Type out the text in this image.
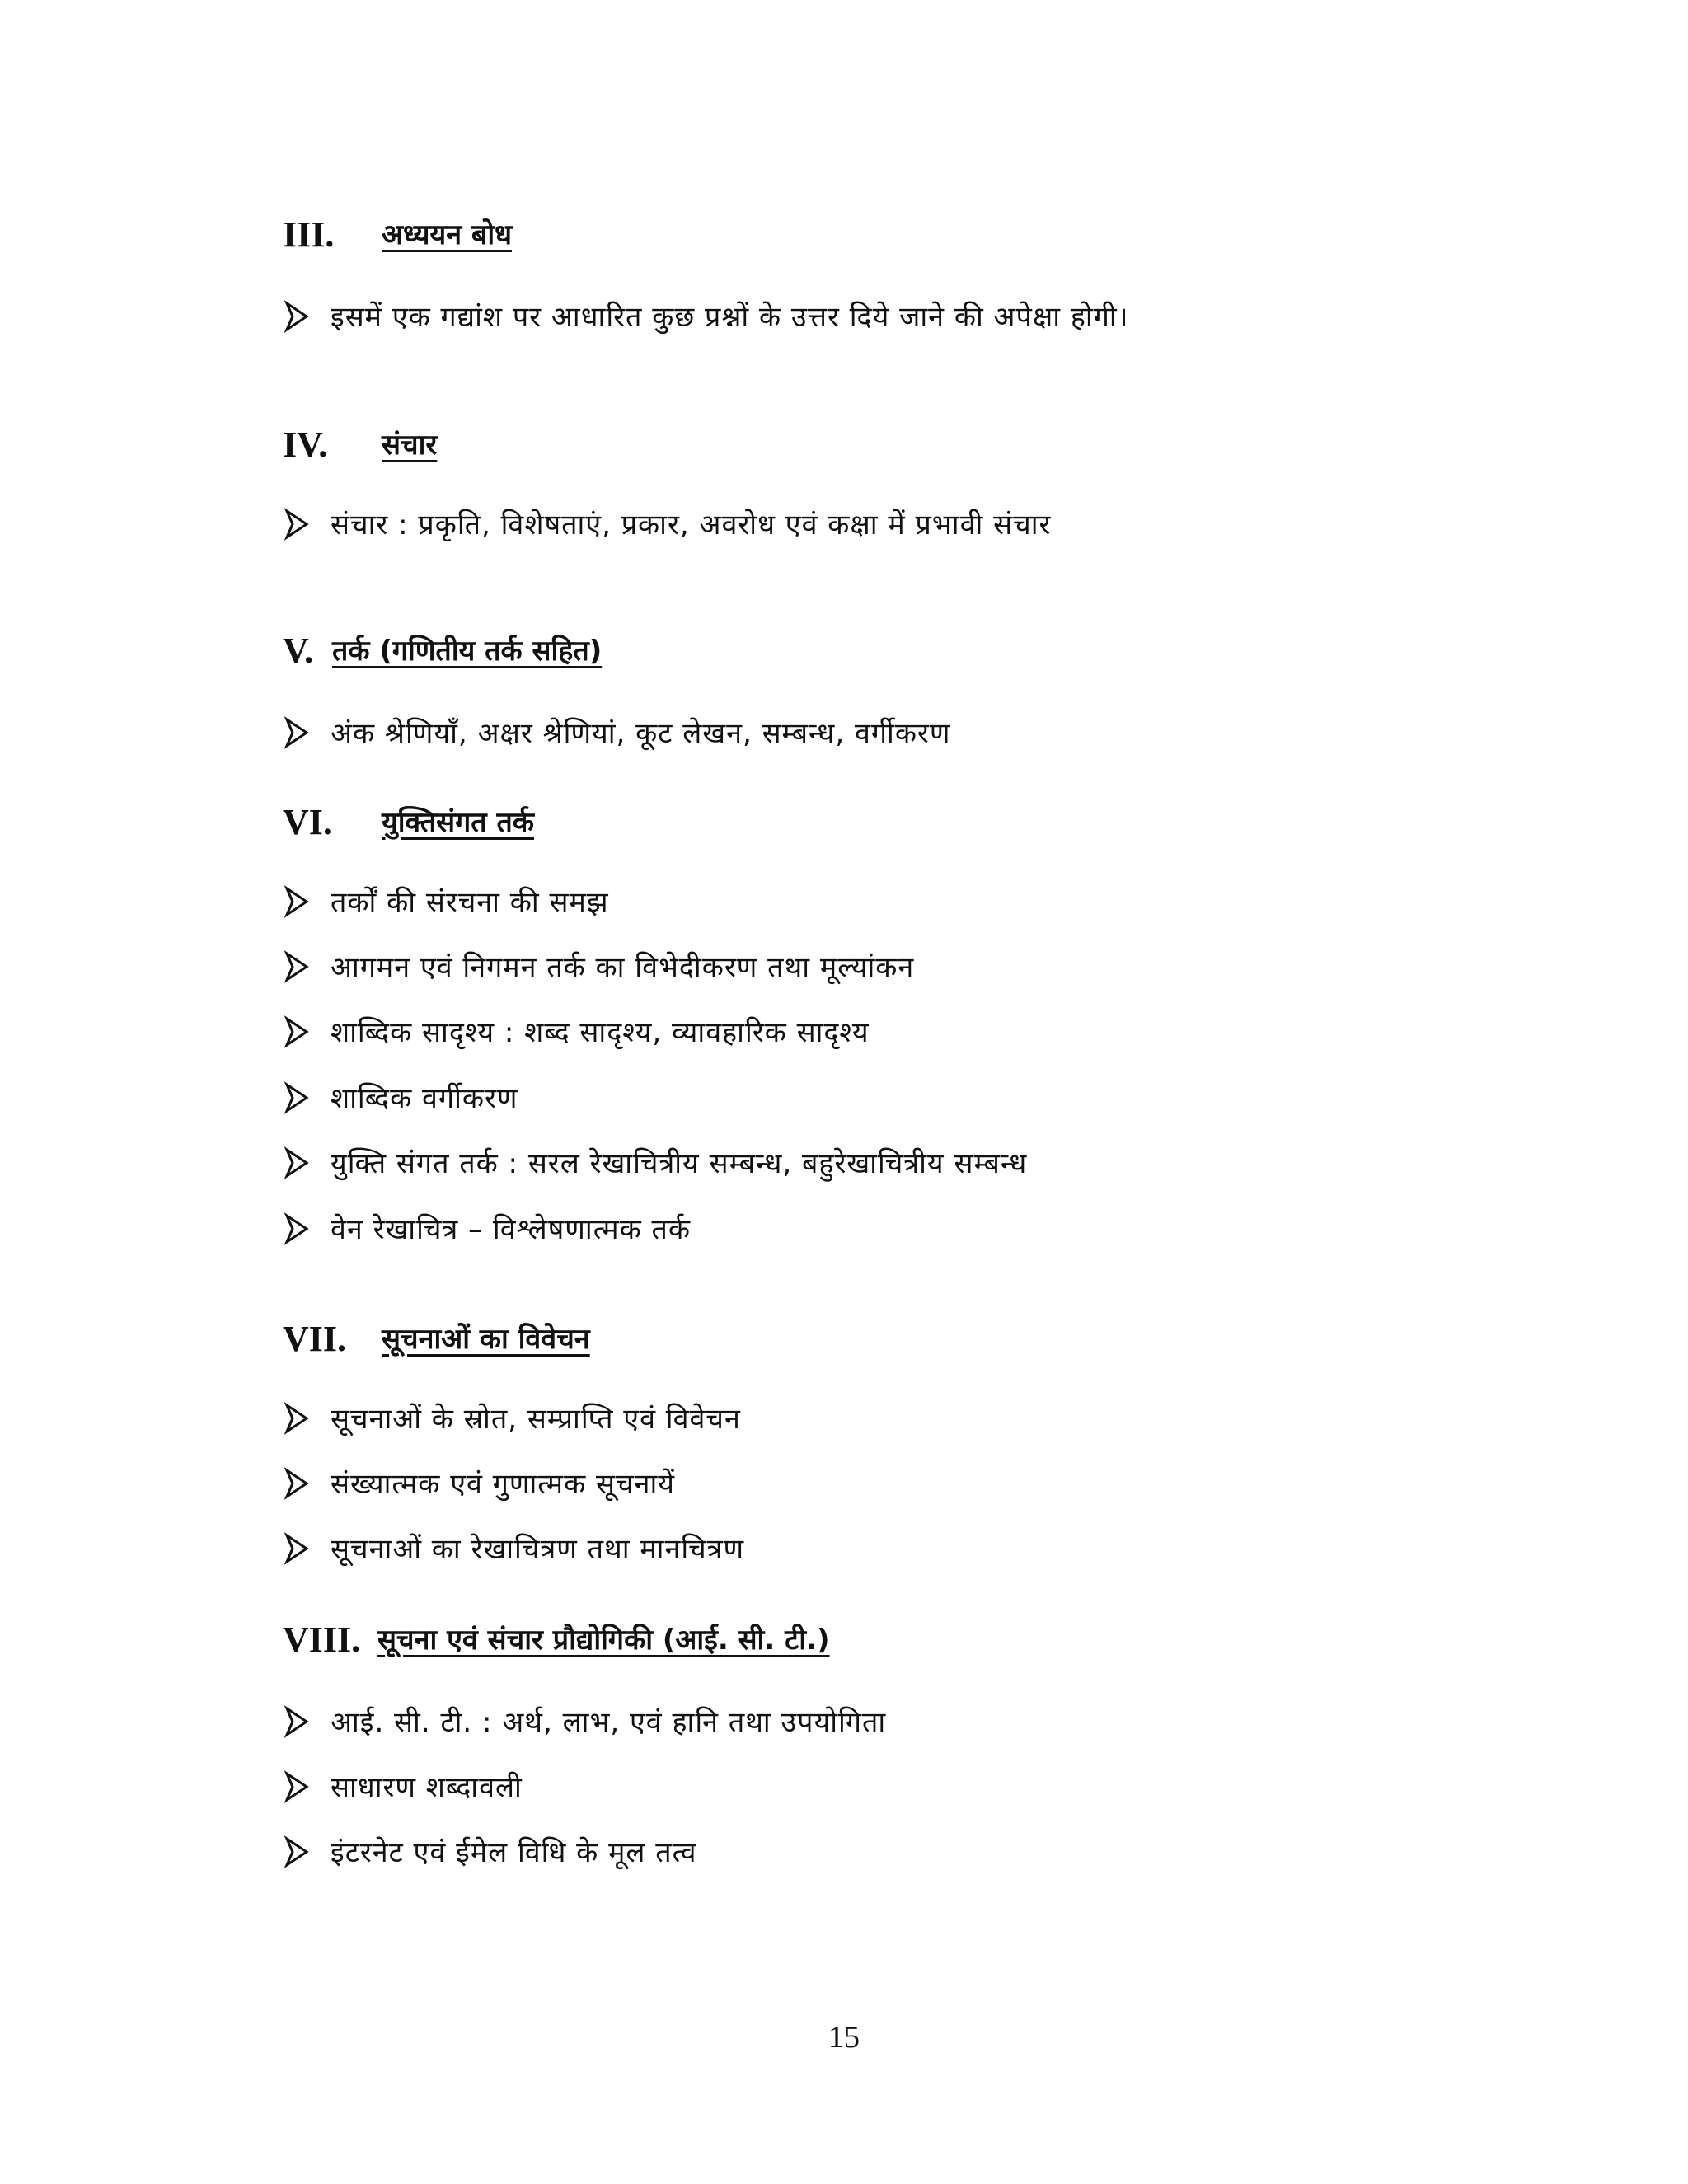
III. अध्ययन बोध
इसमें एक गद्यांश पर आधारित कुछ प्रश्नों के उत्तर दिये जाने की अपेक्षा होगी।
IV. संचार
संचार : प्रकृति, विशेषताएं, प्रकार, अवरोध एवं कक्षा में प्रभावी संचार
V. तर्क (गणितीय तर्क सहित)
अंक श्रेणियाँ, अक्षर श्रेणियां, कूट लेखन, सम्बन्ध, वर्गीकरण
VI. युक्तिसंगत तर्क
तर्कों की संरचना की समझ
आगमन एवं निगमन तर्क का विभेदीकरण तथा मूल्यांकन
शाब्दिक सादृश्य : शब्द सादृश्य, व्यावहारिक सादृश्य
शाब्दिक वर्गीकरण
युक्ति संगत तर्क : सरल रेखाचित्रीय सम्बन्ध, बहुरेखाचित्रीय सम्बन्ध
वेन रेखाचित्र – विश्लेषणात्मक तर्क
VII. सूचनाओं का विवेचन
सूचनाओं के स्रोत, सम्प्राप्ति एवं विवेचन
संख्यात्मक एवं गुणात्मक सूचनायें
सूचनाओं का रेखाचित्रण तथा मानचित्रण
VIII. सूचना एवं संचार प्रौद्योगिकी (आई. सी. टी.)
आई. सी. टी. : अर्थ, लाभ, एवं हानि तथा उपयोगिता
साधारण शब्दावली
इंटरनेट एवं ईमेल विधि के मूल तत्व
15
